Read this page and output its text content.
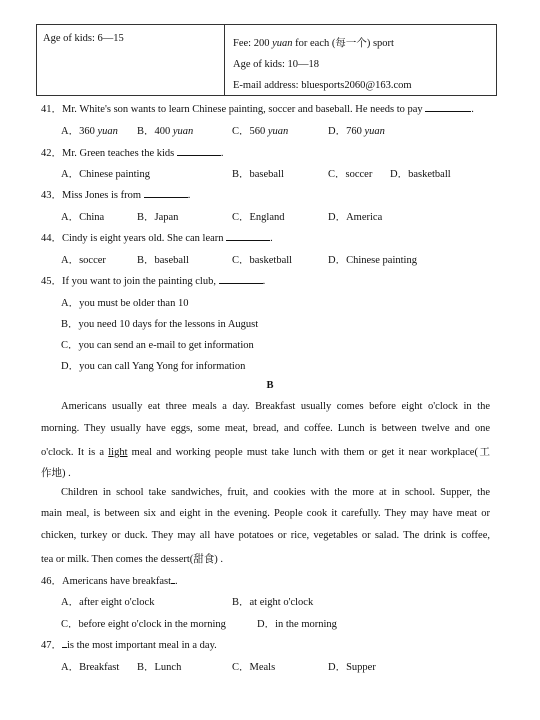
Age of kids: 6—15	Fee: 200 yuan for each (每一个) sport
Age of kids: 10—18
E-mail address: bluesports2060@163.com
41．Mr. White's son wants to learn Chinese painting, soccer and baseball. He needs to pay	.
A．360 yuan B．400 yuan	C．560 yuan	D．760 yuan
42．Mr. Green teaches the kids	.
A．Chinese painting	B．baseball	C．soccer D．basketball
43．Miss Jones is from	.
A．China	B．Japan	C．England	D．America
44．Cindy is eight years old. She can learn	.
A．soccer	B．baseball	C．basketball	D．Chinese painting
45．If you want to join the painting club,	.
A．you must be older than 10
B．you need 10 days for the lessons in August
C．you can send an e-mail to get information
D．you can call Yang Yong for information
B
Americans usually eat three meals a day. Breakfast usually comes before eight o'clock in the
morning. They usually have eggs, some meat, bread, and coffee. Lunch is between twelve and one
o'clock. It is a light meal and working people must take lunch with them or get it near workplace(工
作地) .
Children in school take sandwiches, fruit, and cookies with the more at in school. Supper, the
main meal, is between six and eight in the evening. People cook it carefully. They may have meat or
chicken, turkey or duck. They may all have potatoes or rice, vegetables or salad. The drink is coffee,
tea or milk. Then comes the dessert(甜食) .
46．Americans have breakfast .
A．after eight o'clock	B．at eight o'clock
C．before eight o'clock in the morning	D．in the morning
47． is the most important meal in a day.
A．Breakfast B．Lunch	C．Meals	D．Supper
